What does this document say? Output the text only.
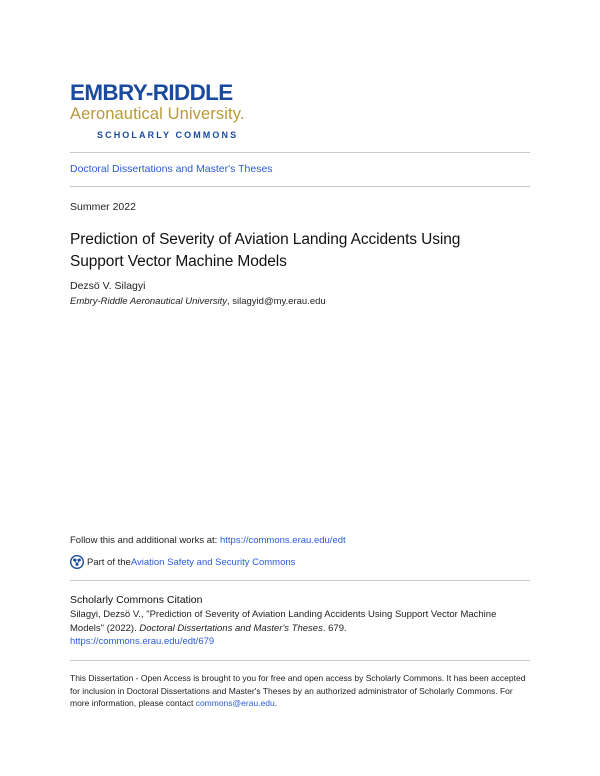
EMBRY-RIDDLE
Aeronautical University.
SCHOLARLY COMMONS
Doctoral Dissertations and Master's Theses
Summer 2022
Prediction of Severity of Aviation Landing Accidents Using Support Vector Machine Models
Dezsö V. Silagyi
Embry-Riddle Aeronautical University, silagyid@my.erau.edu
Follow this and additional works at: https://commons.erau.edu/edt
Part of the Aviation Safety and Security Commons
Scholarly Commons Citation
Silagyi, Dezsö V., "Prediction of Severity of Aviation Landing Accidents Using Support Vector Machine Models" (2022). Doctoral Dissertations and Master's Theses. 679.
https://commons.erau.edu/edt/679
This Dissertation - Open Access is brought to you for free and open access by Scholarly Commons. It has been accepted for inclusion in Doctoral Dissertations and Master's Theses by an authorized administrator of Scholarly Commons. For more information, please contact commons@erau.edu.
